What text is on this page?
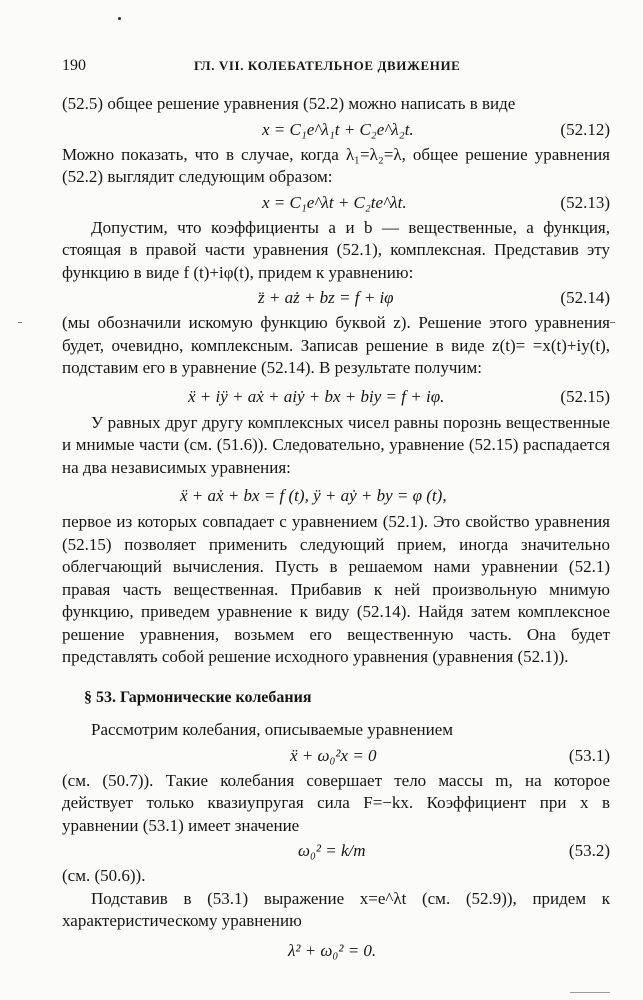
190	ГЛ. VII. КОЛЕБАТЕЛЬНОЕ ДВИЖЕНИЕ

(52.5) общее решение уравнения (52.2) можно написать в виде

x = C₁e^λ₁t + C₂e^λ₂t.	(52.12)

Можно показать, что в случае, когда λ₁=λ₂=λ, общее решение уравнения (52.2) выглядит следующим образом:

x = C₁e^λt + C₂te^λt.	(52.13)

Допустим, что коэффициенты a и b — вещественные, а функция, стоящая в правой части уравнения (52.1), комплексная. Представив эту функцию в виде f (t)+iφ(t), придем к уравнению:

z̈ + aż + bz = f + iφ	(52.14)

(мы обозначили искомую функцию буквой z). Решение этого уравнения будет, очевидно, комплексным. Записав решение в виде z(t)= =x(t)+iy(t), подставим его в уравнение (52.14). В результате получим:

ẍ + iÿ + aẋ + aiẏ + bx + biy = f + iφ.	(52.15)

У равных друг другу комплексных чисел равны порознь вещественные и мнимые части (см. (51.6)). Следовательно, уравнение (52.15) распадается на два независимых уравнения:

ẍ + aẋ + bx = f (t), ÿ + aẏ + by = φ (t),

первое из которых совпадает с уравнением (52.1). Это свойство уравнения (52.15) позволяет применить следующий прием, иногда значительно облегчающий вычисления. Пусть в решаемом нами уравнении (52.1) правая часть вещественная. Прибавив к ней произвольную мнимую функцию, приведем уравнение к виду (52.14). Найдя затем комплексное решение уравнения, возьмем его вещественную часть. Она будет представлять собой решение исходного уравнения (уравнения (52.1)).

§ 53. Гармонические колебания

Рассмотрим колебания, описываемые уравнением

ẍ + ω₀²x = 0	(53.1)

(см. (50.7)). Такие колебания совершает тело массы m, на которое действует только квазиупругая сила F=−kx. Коэффициент при x в уравнении (53.1) имеет значение

ω₀² = k/m	(53.2)

(см. (50.6)).

Подставив в (53.1) выражение x=e^λt (см. (52.9)), придем к характеристическому уравнению

λ² + ω₀² = 0.
